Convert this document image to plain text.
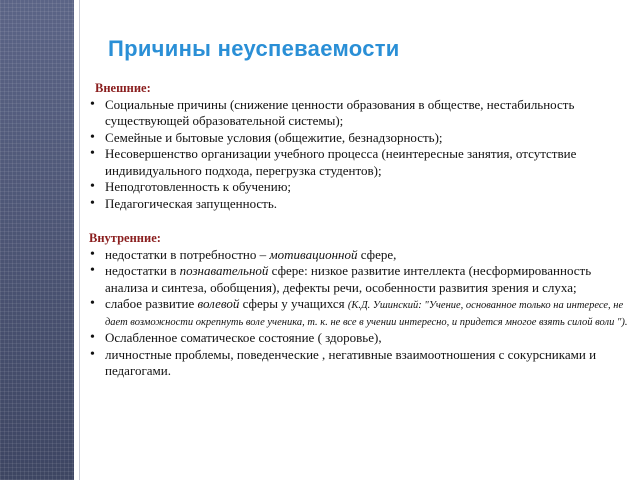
Причины неуспеваемости
Внешние:
• Социальные причины (снижение ценности образования в обществе, нестабильность существующей образовательной системы);
• Семейные и бытовые условия (общежитие, безнадзорность);
• Несовершенство организации учебного процесса (неинтересные занятия, отсутствие индивидуального подхода, перегрузка студентов);
• Неподготовленность к обучению;
• Педагогическая запущенность.
Внутренние:
• недостатки в потребностно – мотивационной сфере,
• недостатки в познавательной сфере: низкое развитие интеллекта (несформированность анализа и синтеза, обобщения), дефекты речи, особенности развития зрения и слуха;
• слабое развитие волевой сферы у учащихся (К.Д. Ушинский: "Учение, основанное только на интересе, не дает возможности окрепнуть воле ученика, т. к. не все в учении интересно, и придется многое взять силой воли ").
• Ослабленное соматическое состояние ( здоровье),
• личностные проблемы, поведенческие , негативные взаимоотношения с сокурсниками и педагогами.
